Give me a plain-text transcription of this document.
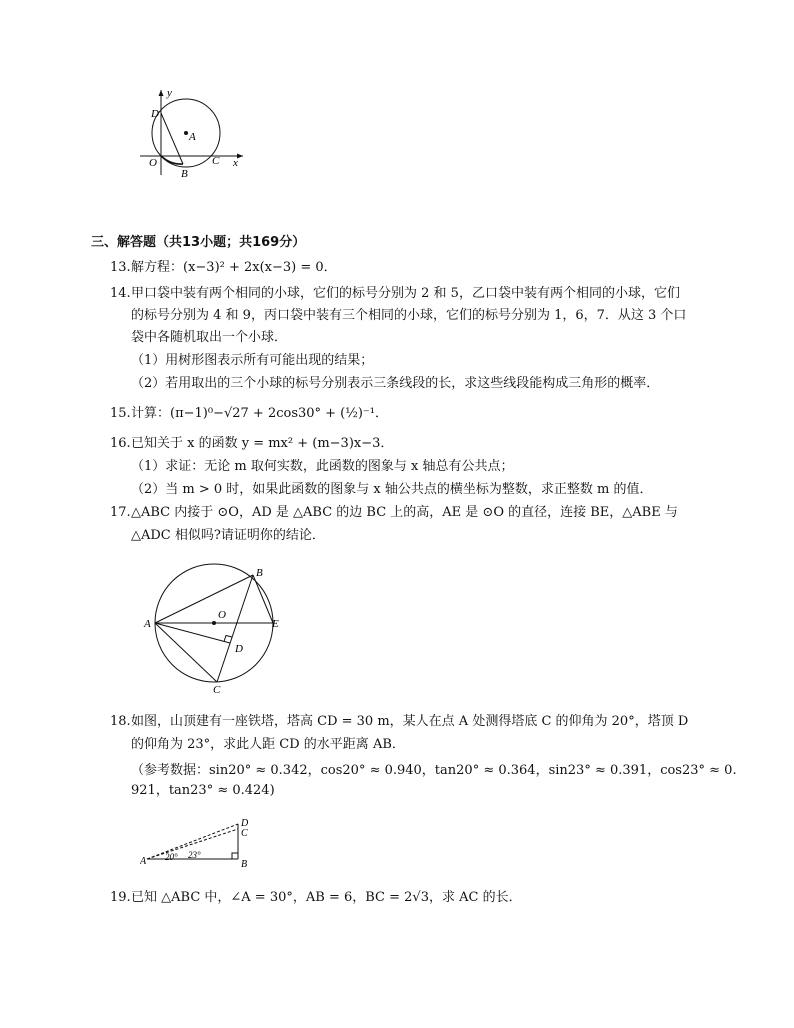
D
y
A
O
B
C x
三、解答题（共13小题；共169分）
13. 解方程：(x−3)² + 2x(x−3) = 0．
14. 甲口袋中装有两个相同的小球，它们的标号分别为 2 和 5，乙口袋中装有两个相同的小球，它们
的标号分别为 4 和 9，丙口袋中装有三个相同的小球，它们的标号分别为 1，6，7．从这 3 个口
袋中各随机取出一个小球．
（1）用树形图表示所有可能出现的结果；
（2）若用取出的三个小球的标号分别表示三条线段的长，求这些线段能构成三角形的概率．
15. 计算：(π−1)⁰−√27 + 2cos30° + (½)⁻¹．
16. 已知关于 x 的函数 y = mx² + (m−3)x−3．
（1）求证：无论 m 取何实数，此函数的图象与 x 轴总有公共点；
（2）当 m > 0 时，如果此函数的图象与 x 轴公共点的横坐标为整数，求正整数 m 的值．
17. △ABC 内接于 ⊙O，AD 是 △ABC 的边 BC 上的高，AE 是 ⊙O 的直径，连接 BE，△ABE 与
△ADC 相似吗?请证明你的结论．
B
A
O
E
D
C
18. 如图，山顶建有一座铁塔，塔高 CD = 30 m，某人在点 A 处测得塔底 C 的仰角为 20°，塔顶 D
的仰角为 23°，求此人距 CD 的水平距离 AB．
（参考数据：sin20° ≈ 0.342，cos20° ≈ 0.940，tan20° ≈ 0.364，sin23° ≈ 0.391，cos23° ≈ 0.
921，tan23° ≈ 0.424)
D
C
A 20° 23°
B
19. 已知 △ABC 中，∠A = 30°，AB = 6，BC = 2√3，求 AC 的长．
